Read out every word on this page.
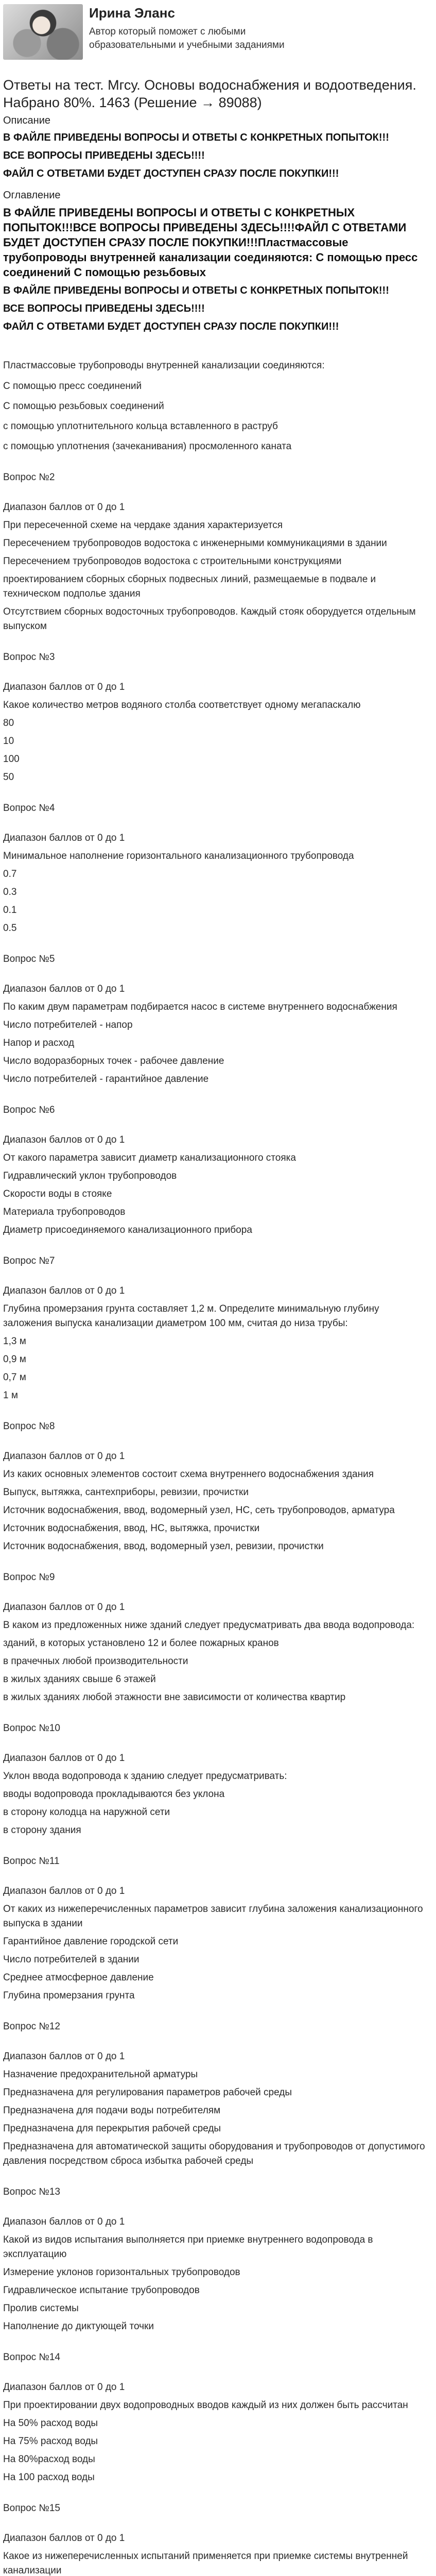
Ирина Эланс
Автор который поможет с любыми образовательными и учебными заданиями
Ответы на тест. Мгсу. Основы водоснабжения и водоотведения. Набрано 80%. 1463 (Решение → 89088)
Описание
В ФАЙЛЕ ПРИВЕДЕНЫ ВОПРОСЫ И ОТВЕТЫ С КОНКРЕТНЫХ ПОПЫТОК!!!
ВСЕ ВОПРОСЫ ПРИВЕДЕНЫ ЗДЕСЬ!!!!
ФАЙЛ С ОТВЕТАМИ БУДЕТ ДОСТУПЕН СРАЗУ ПОСЛЕ ПОКУПКИ!!!
Оглавление
В ФАЙЛЕ ПРИВЕДЕНЫ ВОПРОСЫ И ОТВЕТЫ С КОНКРЕТНЫХ ПОПЫТОК!!!ВСЕ ВОПРОСЫ ПРИВЕДЕНЫ ЗДЕСЬ!!!!ФАЙЛ С ОТВЕТАМИ БУДЕТ ДОСТУПЕН СРАЗУ ПОСЛЕ ПОКУПКИ!!!Пластмассовые трубопроводы внутренней канализации соединяются: С помощью пресс соединений С помощью резьбовых
В ФАЙЛЕ ПРИВЕДЕНЫ ВОПРОСЫ И ОТВЕТЫ С КОНКРЕТНЫХ ПОПЫТОК!!!
ВСЕ ВОПРОСЫ ПРИВЕДЕНЫ ЗДЕСЬ!!!!
ФАЙЛ С ОТВЕТАМИ БУДЕТ ДОСТУПЕН СРАЗУ ПОСЛЕ ПОКУПКИ!!!
Пластмассовые трубопроводы внутренней канализации соединяются:
С помощью пресс соединений
С помощью резьбовых соединений
с помощью уплотнительного кольца вставленного в раструб
с помощью уплотнения (зачеканивания) просмоленного каната
Вопрос №2
Диапазон баллов от 0 до 1
При пересеченной схеме на чердаке здания характеризуется
Пересечением трубопроводов водостока с инженерными коммуникациями в здании
Пересечением трубопроводов водостока с строительными конструкциями
проектированием сборных сборных подвесных линий, размещаемые в подвале и техническом подполье здания
Отсутствием сборных водосточных трубопроводов. Каждый стояк оборудуется отдельным выпуском
Вопрос №3
Диапазон баллов от 0 до 1
Какое количество метров водяного столба соответствует одному мегапаскалю
80
10
100
50
Вопрос №4
Диапазон баллов от 0 до 1
Минимальное наполнение горизонтального канализационного трубопровода
0.7
0.3
0.1
0.5
Вопрос №5
Диапазон баллов от 0 до 1
По каким двум параметрам подбирается насос в системе внутреннего водоснабжения
Число потребителей - напор
Напор и расход
Число водоразборных точек - рабочее давление
Число потребителей - гарантийное давление
Вопрос №6
Диапазон баллов от 0 до 1
От какого параметра зависит диаметр канализационного стояка
Гидравлический уклон трубопроводов
Скорости воды в стояке
Материала трубопроводов
Диаметр присоединяемого канализационного прибора
Вопрос №7
Диапазон баллов от 0 до 1
Глубина промерзания грунта составляет 1,2 м. Определите минимальную глубину заложения выпуска канализации диаметром 100 мм, считая до низа трубы:
1,3 м
0,9 м
0,7 м
1 м
Вопрос №8
Диапазон баллов от 0 до 1
Из каких основных элементов состоит схема внутреннего водоснабжения здания
Выпуск, вытяжка, сантехприборы, ревизии, прочистки
Источник водоснабжения, ввод, водомерный узел, НС, сеть трубопроводов, арматура
Источник водоснабжения, ввод, НС, вытяжка, прочистки
Источник водоснабжения, ввод, водомерный узел, ревизии, прочистки
Вопрос №9
Диапазон баллов от 0 до 1
В каком из предложенных ниже зданий следует предусматривать два ввода водопровода:
зданий, в которых установлено 12 и более пожарных кранов
в прачечных любой производительности
в жилых зданиях свыше 6 этажей
в жилых зданиях любой этажности вне зависимости от количества квартир
Вопрос №10
Диапазон баллов от 0 до 1
Уклон ввода водопровода к зданию следует предусматривать:
вводы водопровода прокладываются без уклона
в сторону колодца на наружной сети
в сторону здания
Вопрос №11
Диапазон баллов от 0 до 1
От каких из нижеперечисленных параметров зависит глубина заложения канализационного выпуска в здании
Гарантийное давление городской сети
Число потребителей в здании
Среднее атмосферное давление
Глубина промерзания грунта
Вопрос №12
Диапазон баллов от 0 до 1
Назначение предохранительной арматуры
Предназначена для регулирования параметров рабочей среды
Предназначена для подачи воды потребителям
Предназначена для перекрытия рабочей среды
Предназначена для автоматической защиты оборудования и трубопроводов от допустимого давления посредством сброса избытка рабочей среды
Вопрос №13
Диапазон баллов от 0 до 1
Какой из видов испытания выполняется при приемке внутреннего водопровода в эксплуатацию
Измерение уклонов горизонтальных трубопроводов
Гидравлическое испытание трубопроводов
Пролив системы
Наполнение до диктующей точки
Вопрос №14
Диапазон баллов от 0 до 1
При проектировании двух водопроводных вводов каждый из них должен быть рассчитан
На 50% расход воды
На 75% расход воды
На 80%расход воды
На 100 расход воды
Вопрос №15
Диапазон баллов от 0 до 1
Какое из нижеперечисленных испытаний применяется при приемке системы внутренней канализации
